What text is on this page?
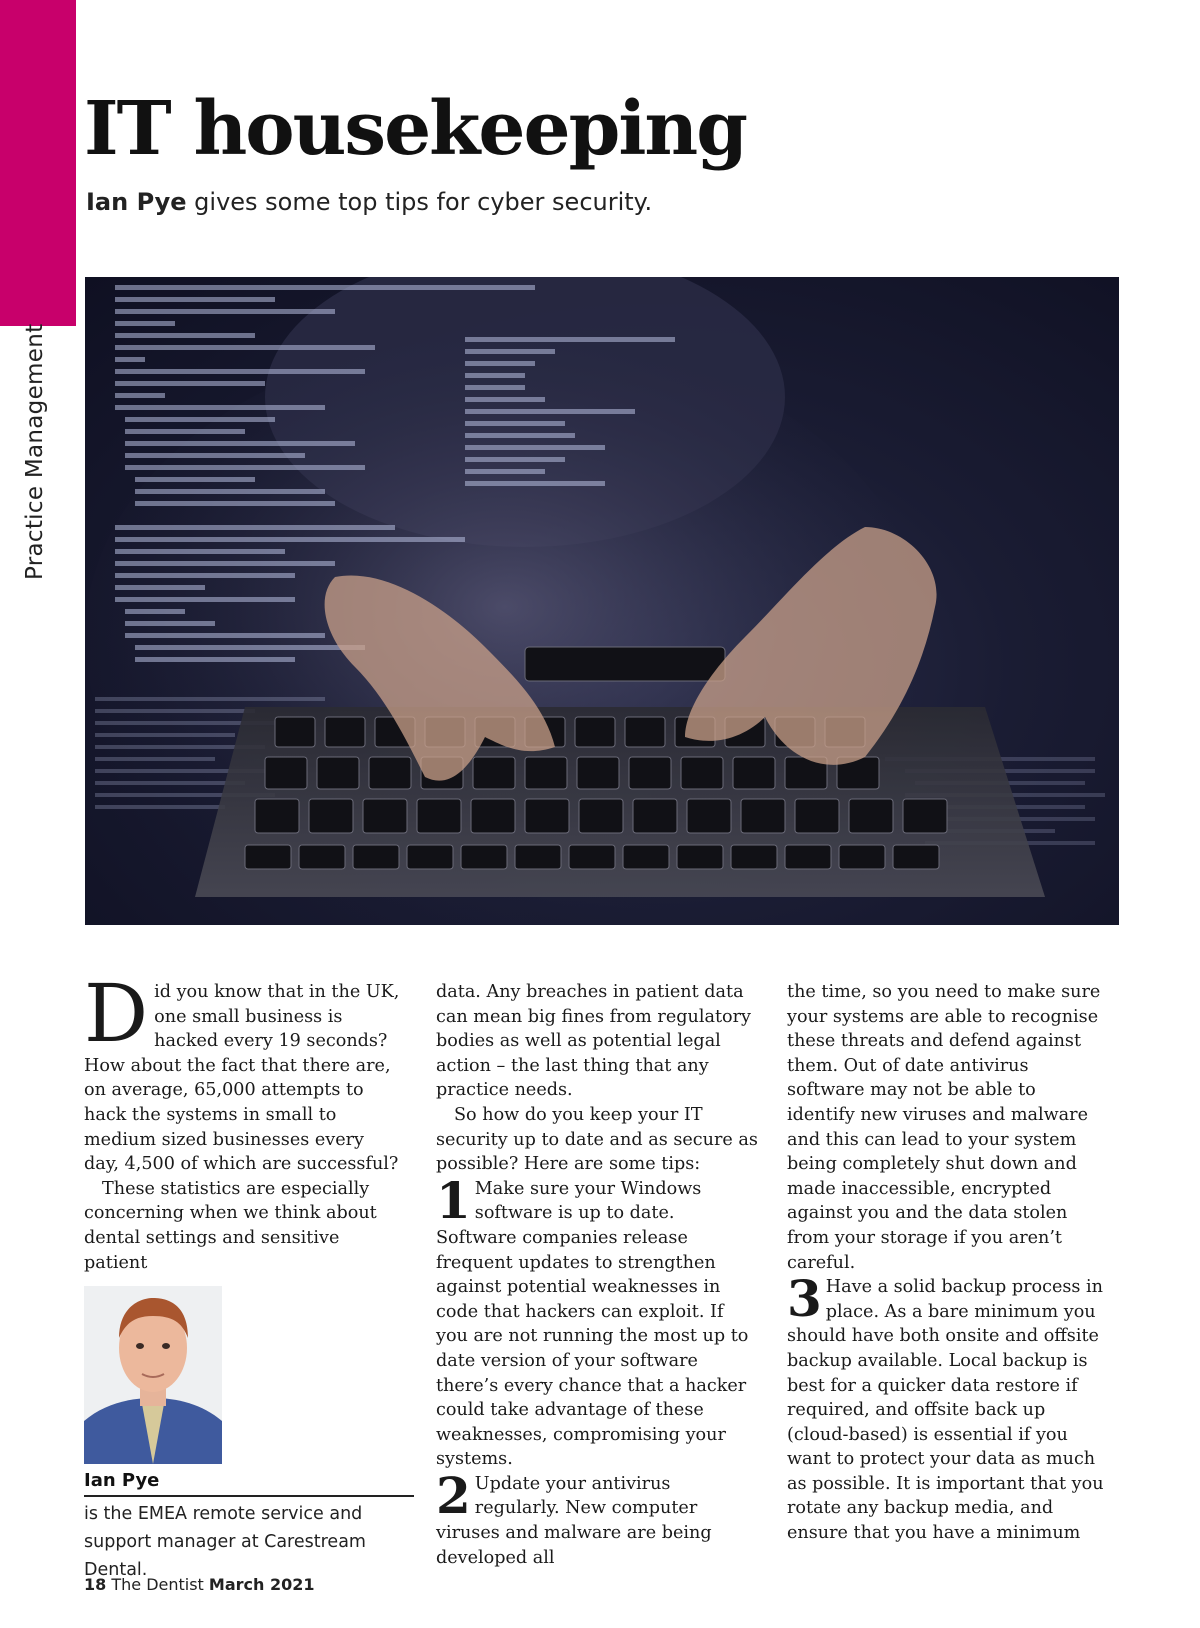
Practice Management
IT housekeeping

Ian Pye gives some top tips for cyber security.

Did you know that in the UK, one small business is hacked every 19 seconds? How about the fact that there are, on average, 65,000 attempts to hack the systems in small to medium sized businesses every day, 4,500 of which are successful?

These statistics are especially concerning when we think about dental settings and sensitive patient

data. Any breaches in patient data can mean big fines from regulatory bodies as well as potential legal action – the last thing that any practice needs.

So how do you keep your IT security up to date and as secure as possible? Here are some tips:

1 Make sure your Windows software is up to date. Software companies release frequent updates to strengthen against potential weaknesses in code that hackers can exploit. If you are not running the most up to date version of your software there’s every chance that a hacker could take advantage of these weaknesses, compromising your systems.

2 Update your antivirus regularly. New computer viruses and malware are being developed all

the time, so you need to make sure your systems are able to recognise these threats and defend against them. Out of date antivirus software may not be able to identify new viruses and malware and this can lead to your system being completely shut down and made inaccessible, encrypted against you and the data stolen from your storage if you aren’t careful.

3 Have a solid backup process in place. As a bare minimum you should have both onsite and offsite backup available. Local backup is best for a quicker data restore if required, and offsite back up (cloud-based) is essential if you want to protect your data as much as possible. It is important that you rotate any backup media, and ensure that you have a minimum

Ian Pye

is the EMEA remote service and support manager at Carestream Dental.

18 The Dentist March 2021
